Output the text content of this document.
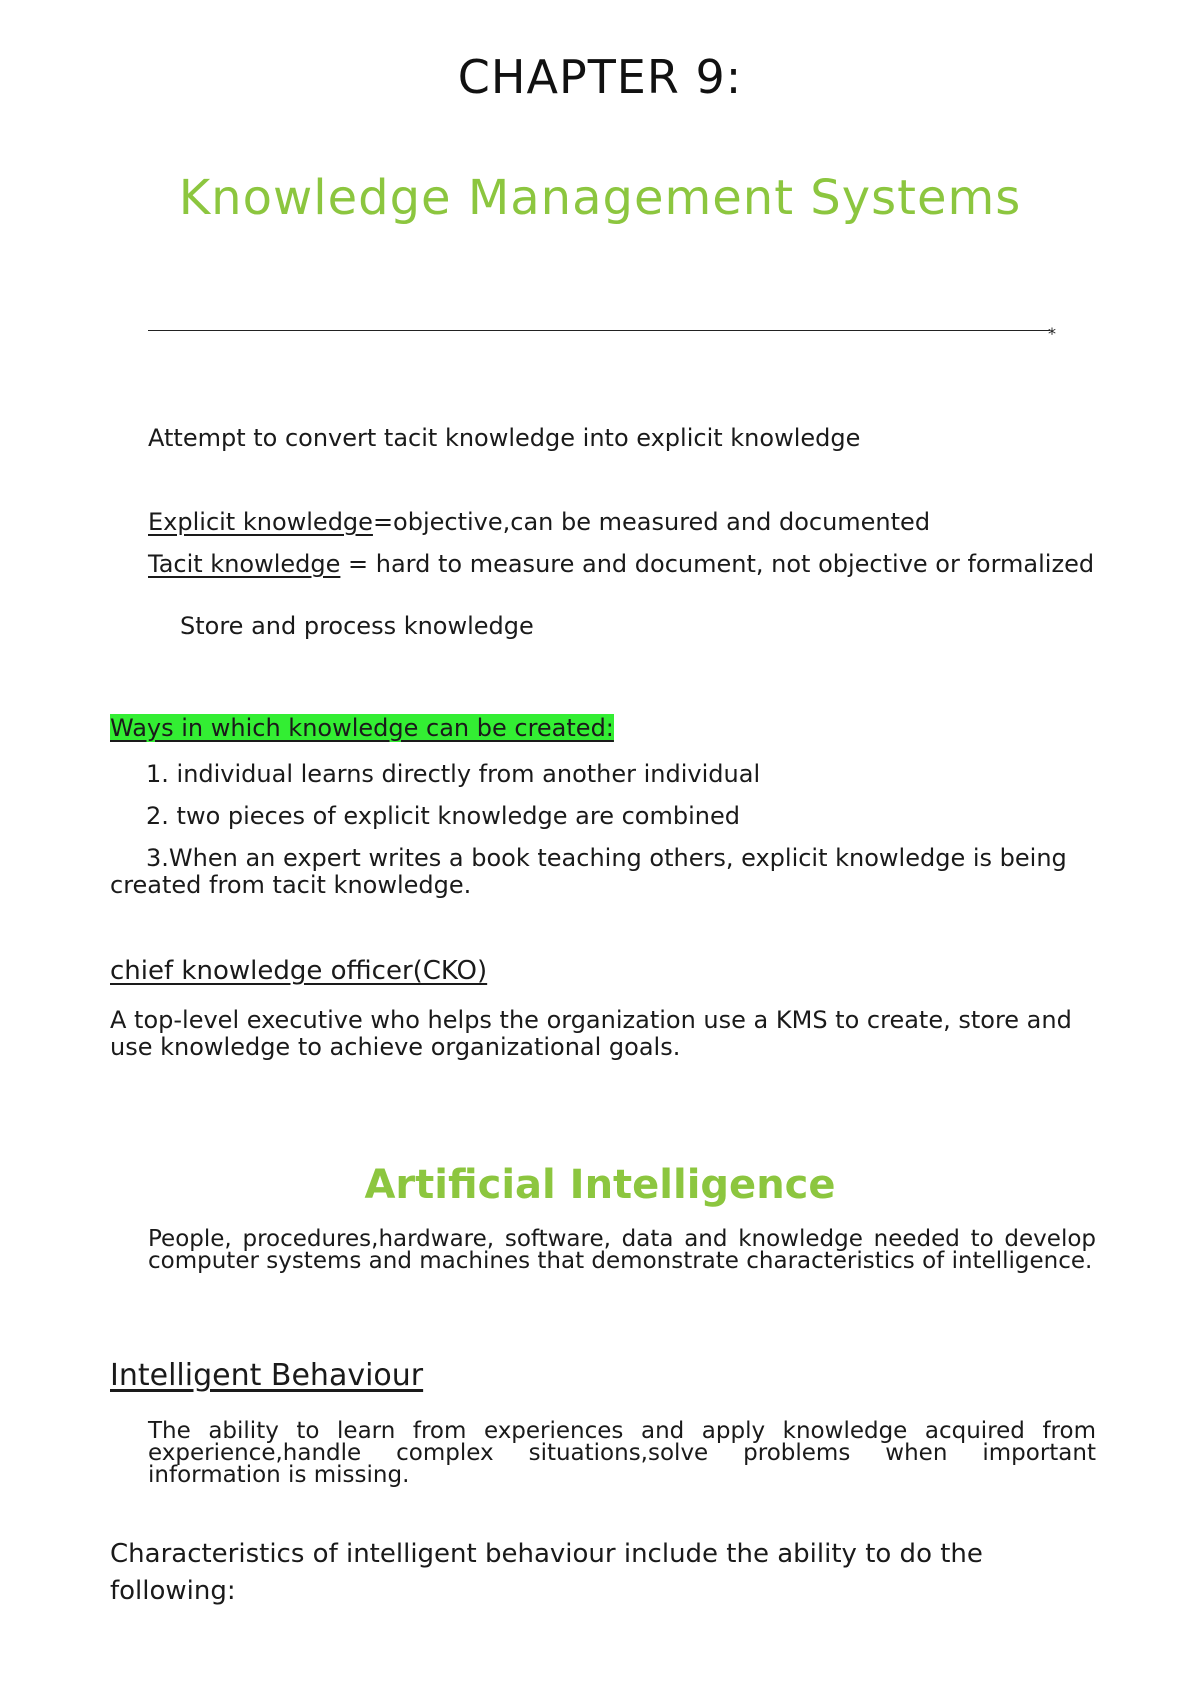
CHAPTER 9:
Knowledge Management Systems
*
Attempt to convert tacit knowledge into explicit knowledge
Explicit knowledge=objective,can be measured and documented
Tacit knowledge = hard to measure and document, not objective or formalized
Store and process knowledge
Ways in which knowledge can be created:
1. individual learns directly from another individual
2. two pieces of explicit knowledge are combined
3.When an expert writes a book teaching others, explicit knowledge is being
created from tacit knowledge.
chief knowledge officer(CKO)
A top-level executive who helps the organization use a KMS to create, store and
use knowledge to achieve organizational goals.
Artificial Intelligence
People, procedures,hardware, software, data and knowledge needed to develop computer systems and machines that demonstrate characteristics of intelligence.
Intelligent Behaviour
The ability to learn from experiences and apply knowledge acquired from experience,handle complex situations,solve problems when important information is missing.
Characteristics of intelligent behaviour include the ability to do the following:
